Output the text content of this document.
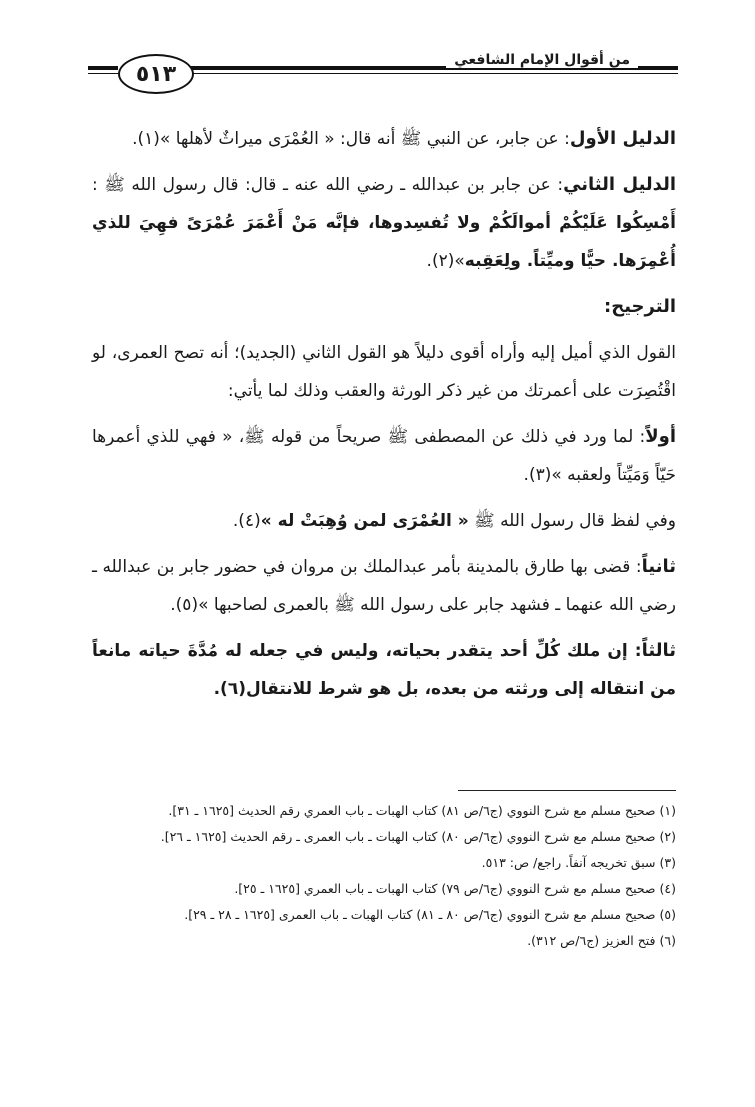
٥١٣
من أقوال الإمام الشافعي

الدليل الأول: عن جابر، عن النبي ﷺ أنه قال: « العُمْرَى ميراثٌ لأهلها »(١).

الدليل الثاني: عن جابر بن عبدالله ـ رضي الله عنه ـ قال: قال رسول الله ﷺ : أَمْسِكُوا عَلَيْكُمْ أموالَكُمْ ولا تُفسِدوها، فإنَّه مَنْ أَعْمَرَ عُمْرَىً فهِيَ للذي أُعْمِرَها. حيًّا وميِّتاً. ولِعَقِبه»(٢).

الترجيح:

القول الذي أميل إليه وأراه أقوى دليلاً هو القول الثاني (الجديد)؛ أنه تصح العمرى، لو اقْتُصِرَت على أعمرتك من غير ذكر الورثة والعقب وذلك لما يأتي:

أولاً: لما ورد في ذلك عن المصطفى ﷺ صريحاً من قوله ﷺ، « فهي للذي أعمرها حَيّاً وَمَيِّتاً ولعقبه »(٣).

وفي لفظ قال رسول الله ﷺ « العُمْرَى لمن وُهِبَتْ له »(٤).

ثانياً: قضى بها طارق بالمدينة بأمر عبدالملك بن مروان في حضور جابر بن عبدالله ـ رضي الله عنهما ـ فشهد جابر على رسول الله ﷺ بالعمرى لصاحبها »(٥).

ثالثاً: إن ملك كُلِّ أحد يتقدر بحياته، وليس في جعله له مُدَّةَ حياته مانعاً من انتقاله إلى ورثته من بعده، بل هو شرط للانتقال(٦).

(١) صحيح مسلم مع شرح النووي (ج٦/ص ٨١) كتاب الهبات ـ باب العمري رقم الحديث [١٦٢٥ ـ ٣١].

(٢) صحيح مسلم مع شرح النووي (ج٦/ص ٨٠) كتاب الهبات ـ باب العمرى ـ رقم الحديث [١٦٢٥ ـ ٢٦].

(٣) سبق تخريجه آنفاً. راجع/ ص: ٥١٣.

(٤) صحيح مسلم مع شرح النووي (ج٦/ص ٧٩) كتاب الهبات ـ باب العمري [١٦٢٥ ـ ٢٥].

(٥) صحيح مسلم مع شرح النووي (ج٦/ص ٨٠ ـ ٨١) كتاب الهبات ـ باب العمرى [١٦٢٥ ـ ٢٨ ـ ٢٩].

(٦) فتح العزيز (ج٦/ص ٣١٢).
